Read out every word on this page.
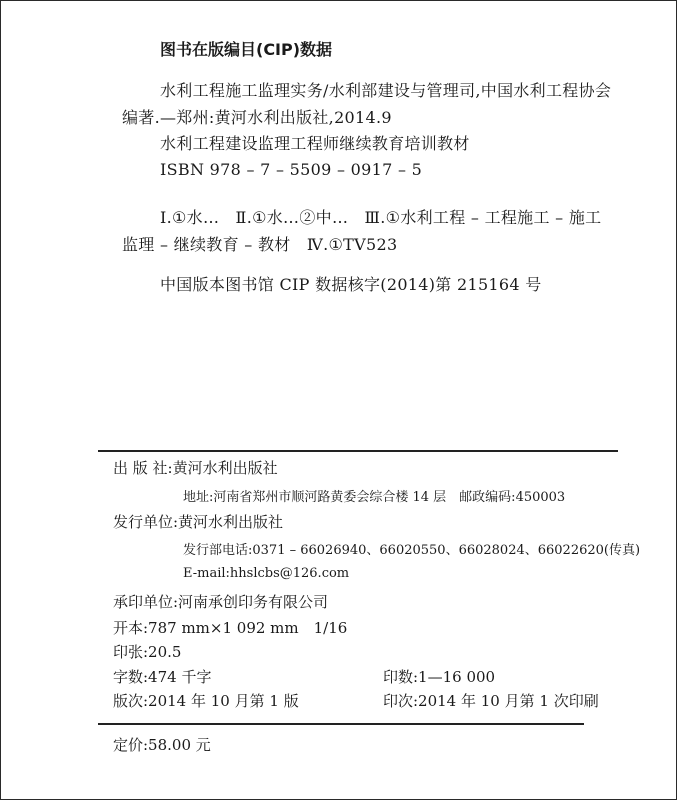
图书在版编目(CIP)数据
水利工程施工监理实务/水利部建设与管理司,中国水利工程协会编著.—郑州:黄河水利出版社,2014.9
水利工程建设监理工程师继续教育培训教材
ISBN 978 – 7 – 5509 – 0917 – 5
Ⅰ.①水…　Ⅱ.①水…②中…　Ⅲ.①水利工程 – 工程施工 – 施工监理 – 继续教育 – 教材　Ⅳ.①TV523
中国版本图书馆 CIP 数据核字(2014)第 215164 号
出 版 社:黄河水利出版社
地址:河南省郑州市顺河路黄委会综合楼 14 层　邮政编码:450003
发行单位:黄河水利出版社
发行部电话:0371 – 66026940、66020550、66028024、66022620(传真)
E-mail:hhslcbs@126.com
承印单位:河南承创印务有限公司
开本:787 mm×1 092 mm　1/16
印张:20.5
字数:474 千字	印数:1—16 000
版次:2014 年 10 月第 1 版	印次:2014 年 10 月第 1 次印刷
定价:58.00 元
